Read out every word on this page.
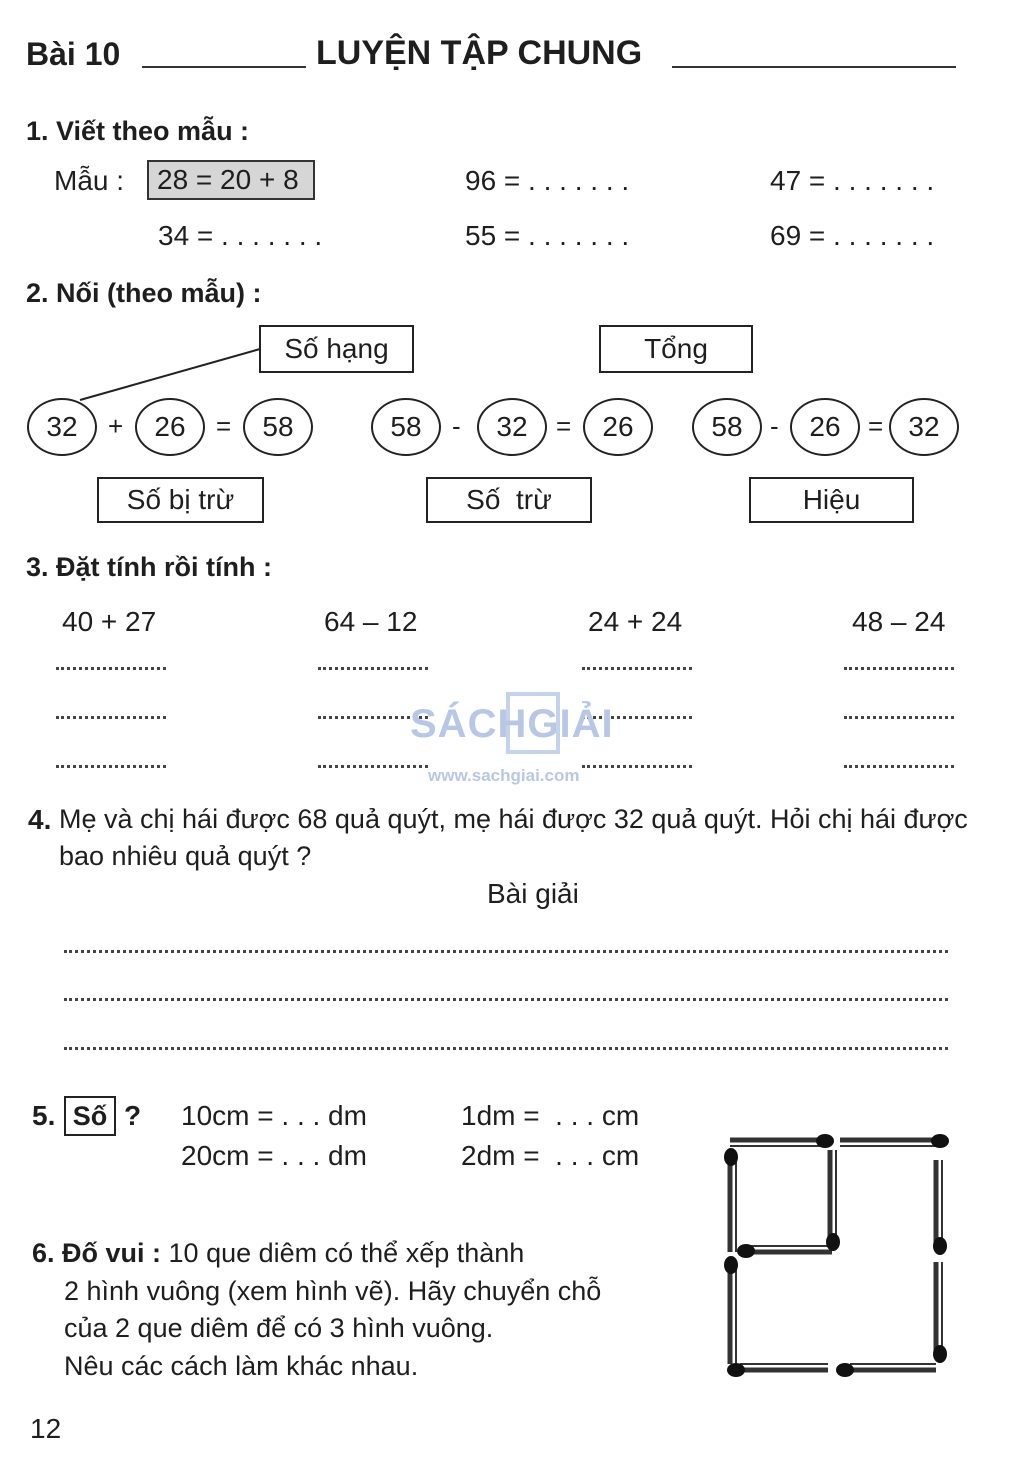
Bài 10	LUYỆN TẬP CHUNG
1. Viết theo mẫu :
Mẫu : 28 = 20 + 8	96 = . . . . . . .	47 = . . . . . . .
34 = . . . . . . .	55 = . . . . . . .	69 = . . . . . . .
2. Nối (theo mẫu) :
Số hạng	Tổng
32	+	26	=	58	58	-	32	=	26	58	-	26	= 32
Số bị trừ	Số  trừ	Hiệu
3. Đặt tính rồi tính :
40 + 27	64 – 12	24 + 24	48 – 24
SÁCHGIẢI
www.sachgiai.com
4. Mẹ và chị hái được 68 quả quýt, mẹ hái được 32 quả quýt. Hỏi chị hái được
bao nhiêu quả quýt ?
Bài giải
5. Số ? 10cm = . . . dm	1dm =  . . . cm
20cm = . . . dm	2dm =  . . . cm
6. Đố vui : 10 que diêm có thể xếp thành
2 hình vuông (xem hình vẽ). Hãy chuyển chỗ
của 2 que diêm để có 3 hình vuông.
Nêu các cách làm khác nhau.
12
